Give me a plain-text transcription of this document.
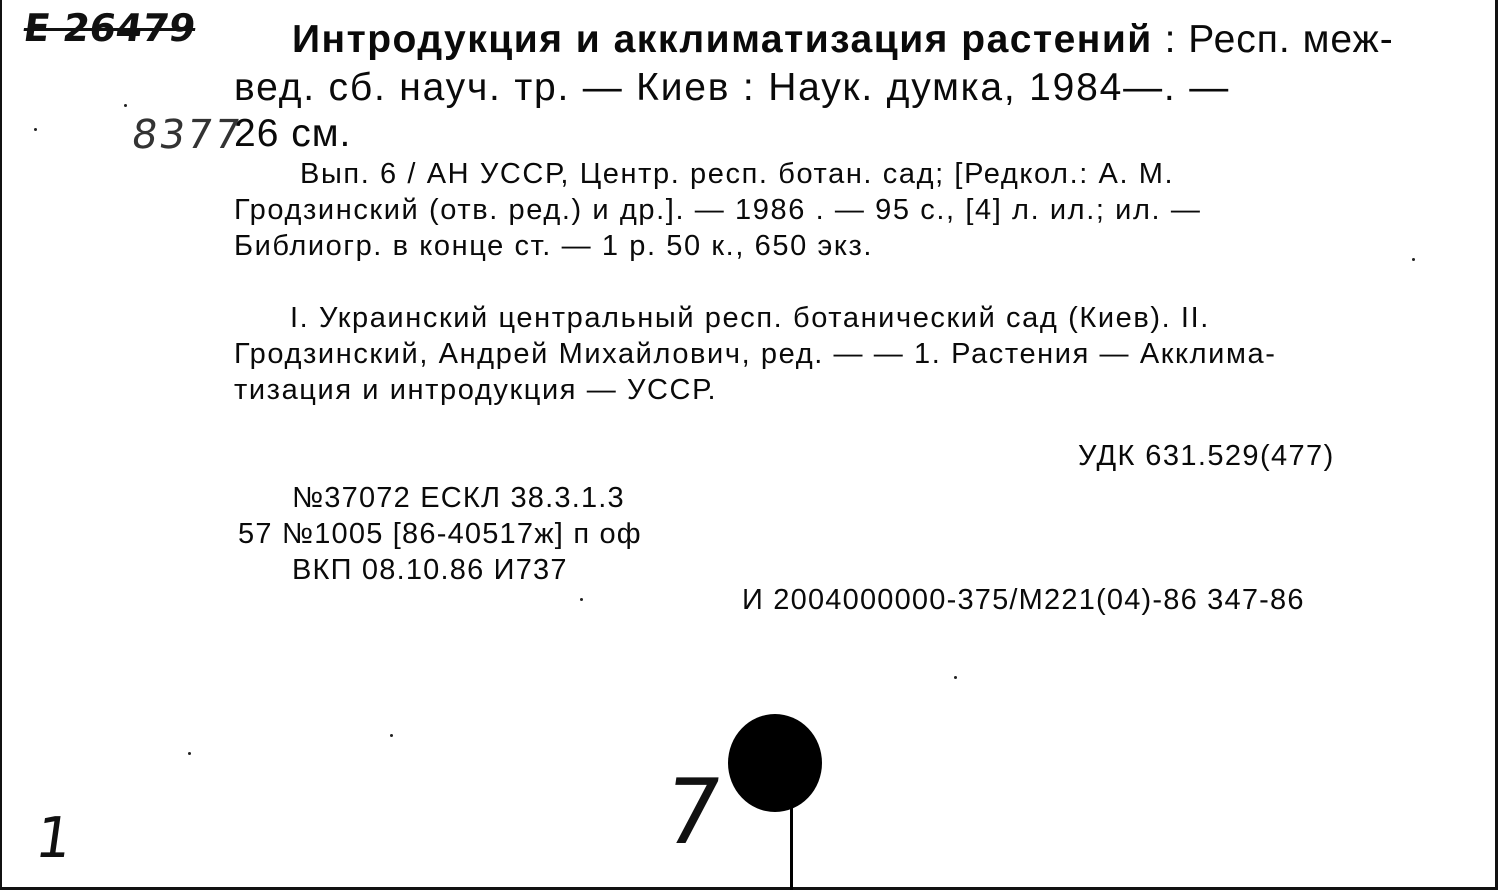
Е 26479
8377
Интродукция и акклиматизация растений : Респ. меж-
вед. сб. науч. тр. — Киев : Наук. думка, 1984—. —
26 см.
Вып. 6 / АН УССР, Центр. респ. ботан. сад; [Редкол.: А. М.
Гродзинский (отв. ред.) и др.]. — 1986 . — 95 с., [4] л. ил.; ил. —
Библиогр. в конце ст. — 1 р. 50 к., 650 экз.
I. Украинский центральный респ. ботанический сад (Киев). II.
Гродзинский, Андрей Михайлович, ред. — — 1. Растения — Акклима-
тизация и интродукция — УССР.
УДК 631.529(477)
№37072 ЕСКЛ 38.3.1.3
57 №1005 [86-40517ж] п оф
ВКП 08.10.86 И737
И 2004000000-375/М221(04)-86 347-86
1	7
